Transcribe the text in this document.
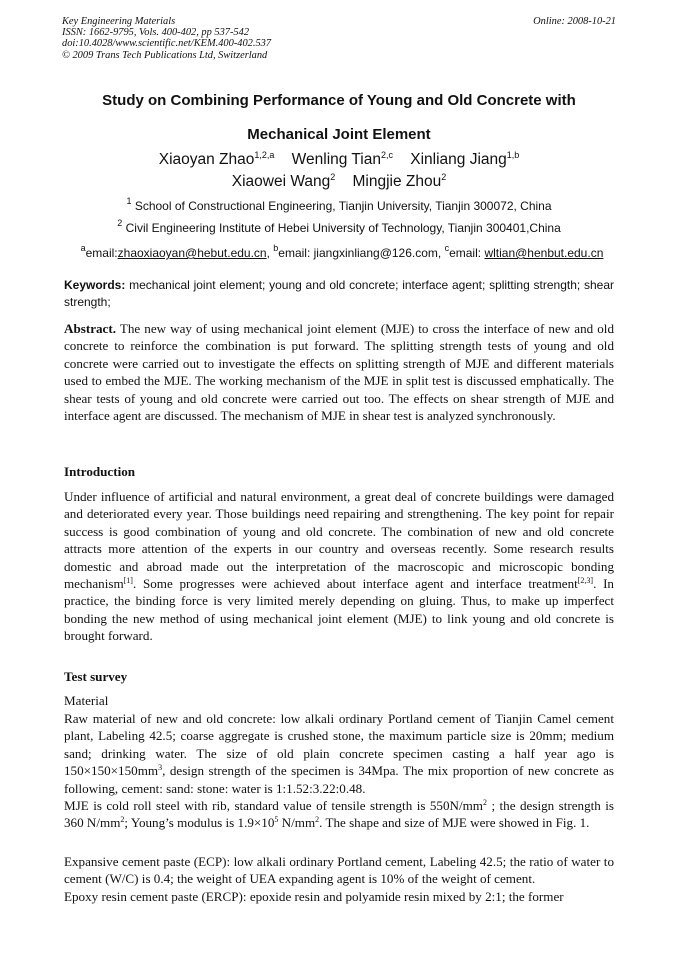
Key Engineering Materials
ISSN: 1662-9795, Vols. 400-402, pp 537-542
doi:10.4028/www.scientific.net/KEM.400-402.537
© 2009 Trans Tech Publications Ltd, Switzerland
Online: 2008-10-21
Study on Combining Performance of Young and Old Concrete with
Mechanical Joint Element
Xiaoyan Zhao$^{1,2,a}$ Wenling Tian$^{2,c}$ Xinliang Jiang$^{1,b}$
Xiaowei Wang$^2$ Mingjie Zhou$^2$
$^1$ School of Constructional Engineering, Tianjin University, Tianjin 300072, China
$^2$ Civil Engineering Institute of Hebei University of Technology, Tianjin 300401,China
$^a$email:zhaoxiaoyan@hebut.edu.cn, $^b$email: jiangxinliang@126.com, $^c$email: wltian@henbut.edu.cn
Keywords: mechanical joint element; young and old concrete; interface agent; splitting strength; shear strength;
Abstract. The new way of using mechanical joint element (MJE) to cross the interface of new and old concrete to reinforce the combination is put forward. The splitting strength tests of young and old concrete were carried out to investigate the effects on splitting strength of MJE and different materials used to embed the MJE. The working mechanism of the MJE in split test is discussed emphatically. The shear tests of young and old concrete were carried out too. The effects on shear strength of MJE and interface agent are discussed. The mechanism of MJE in shear test is analyzed synchronously.
Introduction
Under influence of artificial and natural environment, a great deal of concrete buildings were damaged and deteriorated every year. Those buildings need repairing and strengthening. The key point for repair success is good combination of young and old concrete. The combination of new and old concrete attracts more attention of the experts in our country and overseas recently. Some research results domestic and abroad made out the interpretation of the macroscopic and microscopic bonding mechanism[1]. Some progresses were achieved about interface agent and interface treatment[2,3]. In practice, the binding force is very limited merely depending on gluing. Thus, to make up imperfect bonding the new method of using mechanical joint element (MJE) to link young and old concrete is brought forward.
Test survey
Material
Raw material of new and old concrete: low alkali ordinary Portland cement of Tianjin Camel cement plant, Labeling 42.5; coarse aggregate is crushed stone, the maximum particle size is 20mm; medium sand; drinking water. The size of old plain concrete specimen casting a half year ago is $150\times 150\times 150mm^3$, design strength of the specimen is 34Mpa. The mix proportion of new concrete as following, cement: sand: stone: water is 1:1.52:3.22:0.48.
MJE is cold roll steel with rib, standard value of tensile strength is $550N/mm^2$ ; the design strength is 360 $N/mm^2$; Young’s modulus is $1.9\times 10^5$ $N/mm^2$. The shape and size of MJE were showed in Fig. 1.
Expansive cement paste (ECP): low alkali ordinary Portland cement, Labeling 42.5; the ratio of water to cement (W/C) is 0.4; the weight of UEA expanding agent is 10% of the weight of cement.
Epoxy resin cement paste (ERCP): epoxide resin and polyamide resin mixed by 2:1; the former
